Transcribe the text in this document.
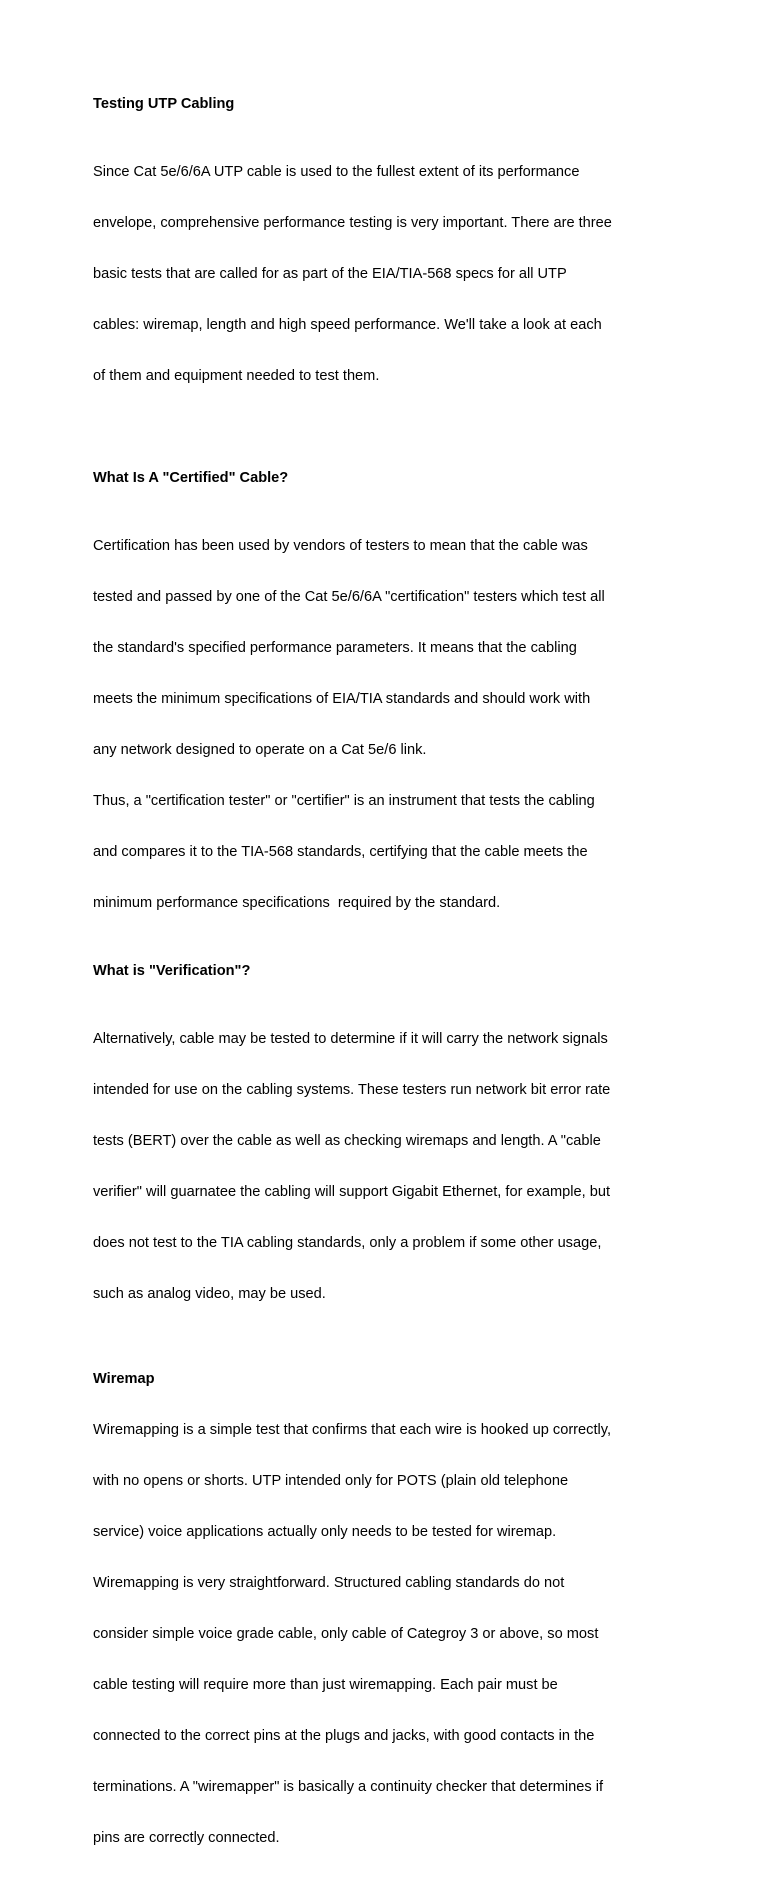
Testing UTP Cabling

Since Cat 5e/6/6A UTP cable is used to the fullest extent of its performance

envelope, comprehensive performance testing is very important. There are three

basic tests that are called for as part of the EIA/TIA-568 specs for all UTP

cables: wiremap, length and high speed performance. We'll take a look at each

of them and equipment needed to test them.

What Is A "Certified" Cable?

Certification has been used by vendors of testers to mean that the cable was

tested and passed by one of the Cat 5e/6/6A "certification" testers which test all

the standard's specified performance parameters. It means that the cabling

meets the minimum specifications of EIA/TIA standards and should work with

any network designed to operate on a Cat 5e/6 link.

Thus, a "certification tester" or "certifier" is an instrument that tests the cabling

and compares it to the TIA-568 standards, certifying that the cable meets the

minimum performance specifications  required by the standard.

What is "Verification"?

Alternatively, cable may be tested to determine if it will carry the network signals

intended for use on the cabling systems. These testers run network bit error rate

tests (BERT) over the cable as well as checking wiremaps and length. A "cable

verifier" will guarnatee the cabling will support Gigabit Ethernet, for example, but

does not test to the TIA cabling standards, only a problem if some other usage,

such as analog video, may be used.

Wiremap

Wiremapping is a simple test that confirms that each wire is hooked up correctly,

with no opens or shorts. UTP intended only for POTS (plain old telephone

service) voice applications actually only needs to be tested for wiremap.

Wiremapping is very straightforward. Structured cabling standards do not

consider simple voice grade cable, only cable of Categroy 3 or above, so most

cable testing will require more than just wiremapping. Each pair must be

connected to the correct pins at the plugs and jacks, with good contacts in the

terminations. A "wiremapper" is basically a continuity checker that determines if

pins are correctly connected.
